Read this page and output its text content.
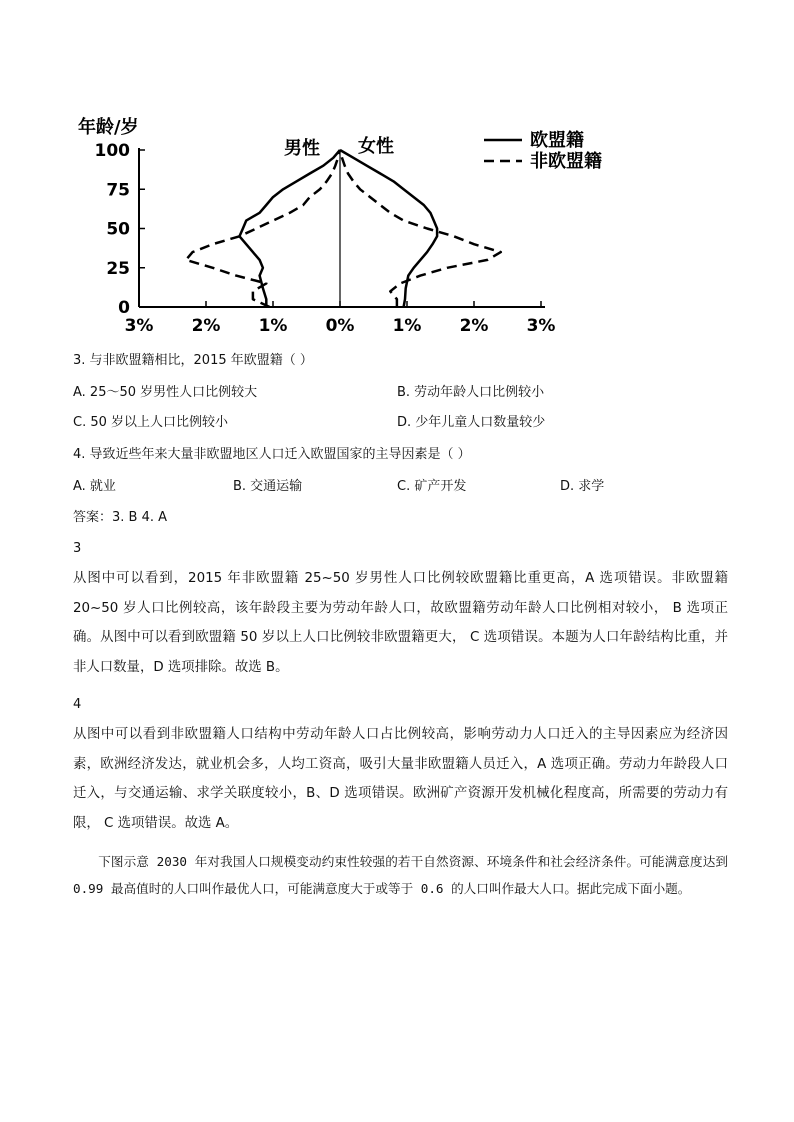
年龄/岁
男性 女性	欧盟籍
非欧盟籍
0
25
50
75
100
3% 2% 1% 0% 1% 2% 3%
3. 与非欧盟籍相比，2015 年欧盟籍（ ）
A. 25～50 岁男性人口比例较大	B. 劳动年龄人口比例较小
C. 50 岁以上人口比例较小	D. 少年儿童人口数量较少
4. 导致近些年来大量非欧盟地区人口迁入欧盟国家的主导因素是（ ）
A. 就业	B. 交通运输	C. 矿产开发	D. 求学
答案：3. B 4. A
3
从图中可以看到，2015 年非欧盟籍 25~50 岁男性人口比例较欧盟籍比重更高，A 选项错误。非欧盟籍 20~50 岁人口比例较高，该年龄段主要为劳动年龄人口，故欧盟籍劳动年龄人口比例相对较小， B 选项正确。从图中可以看到欧盟籍 50 岁以上人口比例较非欧盟籍更大， C 选项错误。本题为人口年龄结构比重，并非人口数量，D 选项排除。故选 B。
4
从图中可以看到非欧盟籍人口结构中劳动年龄人口占比例较高，影响劳动力人口迁入的主导因素应为经济因素，欧洲经济发达，就业机会多，人均工资高，吸引大量非欧盟籍人员迁入，A 选项正确。劳动力年龄段人口迁入，与交通运输、求学关联度较小，B、D 选项错误。欧洲矿产资源开发机械化程度高，所需要的劳动力有限， C 选项错误。故选 A。
下图示意 2030 年对我国人口规模变动约束性较强的若干自然资源、环境条件和社会经济条件。可能满意度达到 0.99 最高值时的人口叫作最优人口，可能满意度大于或等于 0.6 的人口叫作最大人口。据此完成下面小题。
